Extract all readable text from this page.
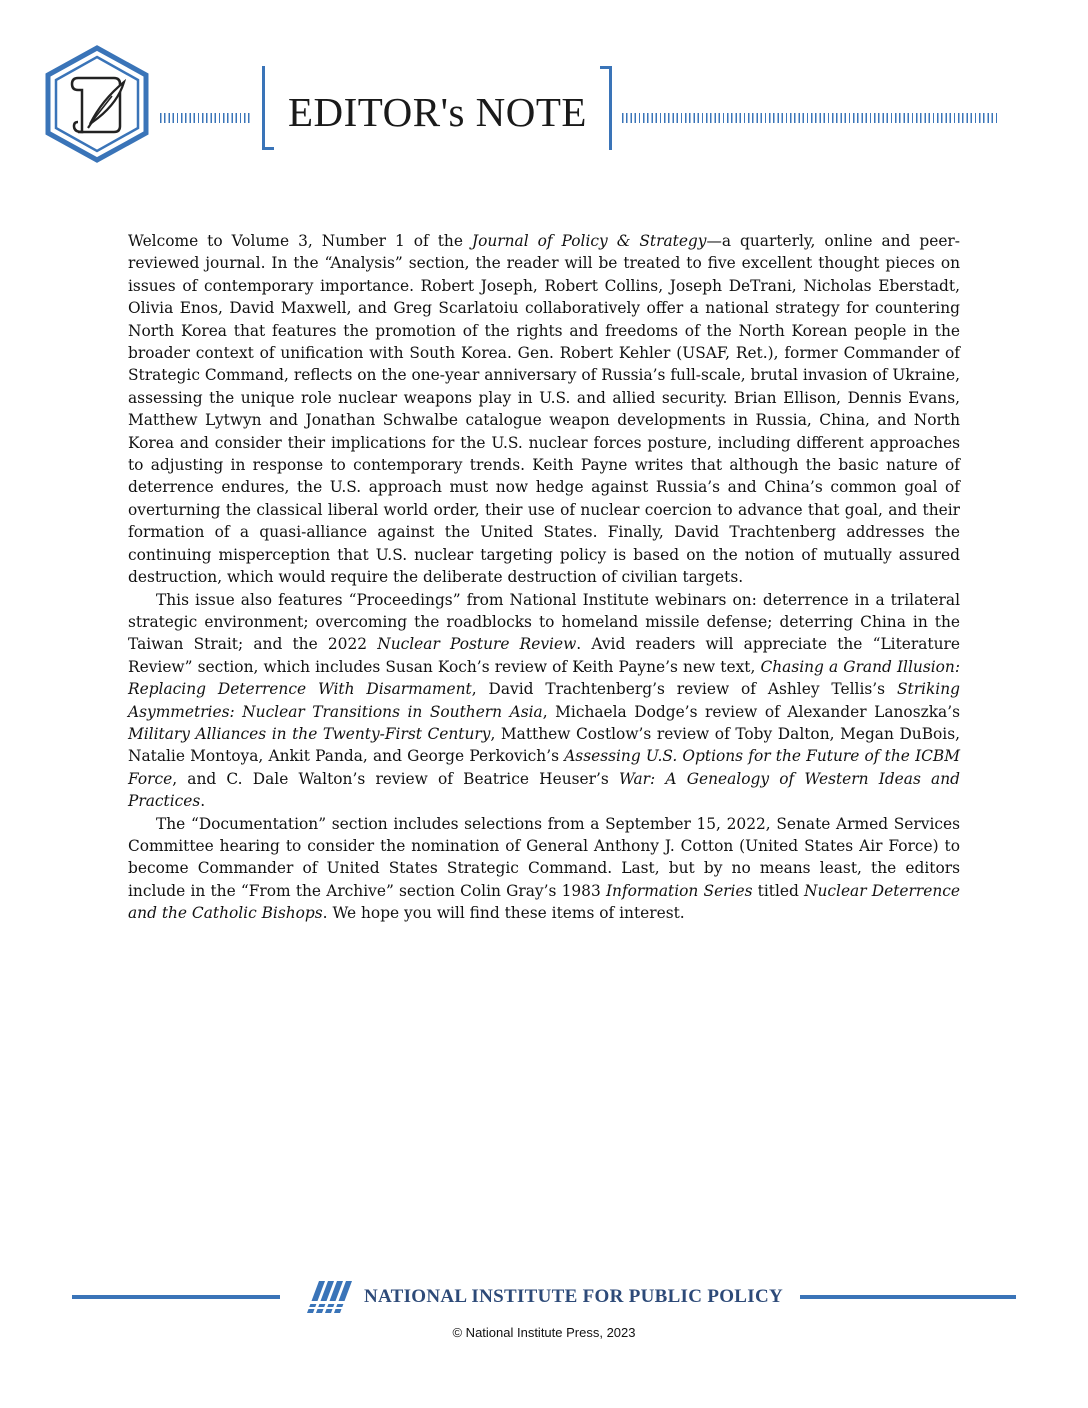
EDITOR's NOTE

Welcome to Volume 3, Number 1 of the Journal of Policy & Strategy—a quarterly, online and peer-reviewed journal. In the “Analysis” section, the reader will be treated to five excellent thought pieces on issues of contemporary importance. Robert Joseph, Robert Collins, Joseph DeTrani, Nicholas Eberstadt, Olivia Enos, David Maxwell, and Greg Scarlatoiu collaboratively offer a national strategy for countering North Korea that features the promotion of the rights and freedoms of the North Korean people in the broader context of unification with South Korea. Gen. Robert Kehler (USAF, Ret.), former Commander of Strategic Command, reflects on the one-year anniversary of Russia’s full-scale, brutal invasion of Ukraine, assessing the unique role nuclear weapons play in U.S. and allied security. Brian Ellison, Dennis Evans, Matthew Lytwyn and Jonathan Schwalbe catalogue weapon developments in Russia, China, and North Korea and consider their implications for the U.S. nuclear forces posture, including different approaches to adjusting in response to contemporary trends. Keith Payne writes that although the basic nature of deterrence endures, the U.S. approach must now hedge against Russia’s and China’s common goal of overturning the classical liberal world order, their use of nuclear coercion to advance that goal, and their formation of a quasi-alliance against the United States. Finally, David Trachtenberg addresses the continuing misperception that U.S. nuclear targeting policy is based on the notion of mutually assured destruction, which would require the deliberate destruction of civilian targets.

This issue also features “Proceedings” from National Institute webinars on: deterrence in a trilateral strategic environment; overcoming the roadblocks to homeland missile defense; deterring China in the Taiwan Strait; and the 2022 Nuclear Posture Review. Avid readers will appreciate the “Literature Review” section, which includes Susan Koch’s review of Keith Payne’s new text, Chasing a Grand Illusion: Replacing Deterrence With Disarmament, David Trachtenberg’s review of Ashley Tellis’s Striking Asymmetries: Nuclear Transitions in Southern Asia, Michaela Dodge’s review of Alexander Lanoszka’s Military Alliances in the Twenty-First Century, Matthew Costlow’s review of Toby Dalton, Megan DuBois, Natalie Montoya, Ankit Panda, and George Perkovich’s Assessing U.S. Options for the Future of the ICBM Force, and C. Dale Walton’s review of Beatrice Heuser’s War: A Genealogy of Western Ideas and Practices.

The “Documentation” section includes selections from a September 15, 2022, Senate Armed Services Committee hearing to consider the nomination of General Anthony J. Cotton (United States Air Force) to become Commander of United States Strategic Command. Last, but by no means least, the editors include in the “From the Archive” section Colin Gray’s 1983 Information Series titled Nuclear Deterrence and the Catholic Bishops. We hope you will find these items of interest.

NATIONAL INSTITUTE FOR PUBLIC POLICY
© National Institute Press, 2023
